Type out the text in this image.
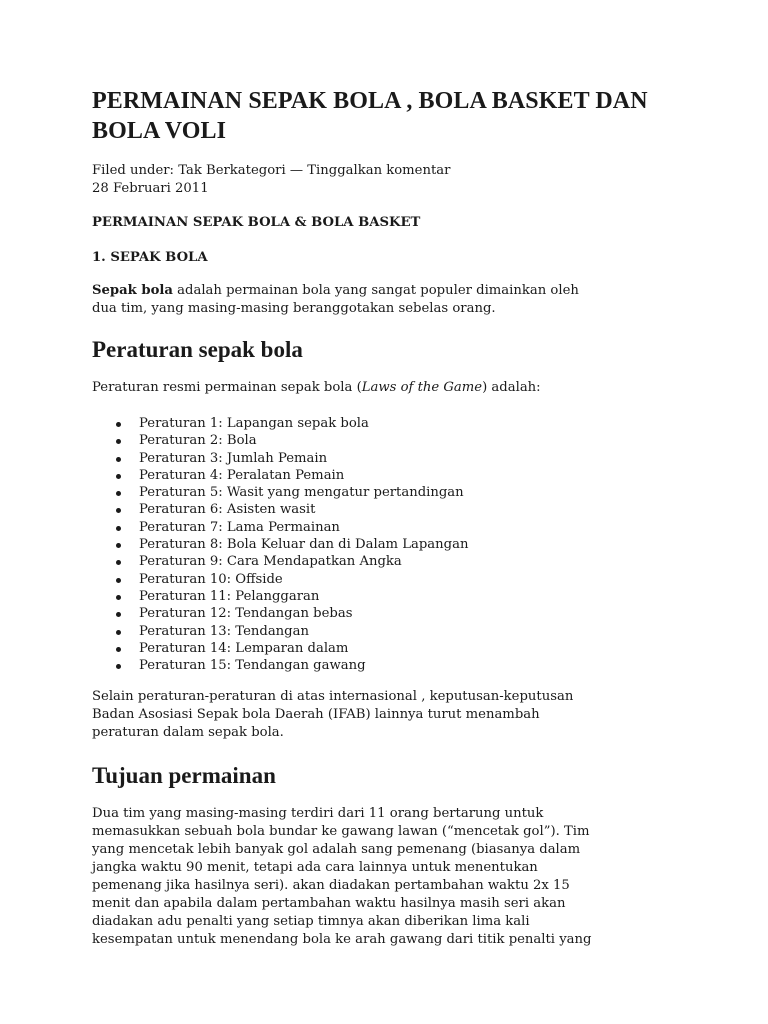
PERMAINAN SEPAK BOLA , BOLA BASKET DAN
BOLA VOLI
Filed under: Tak Berkategori — Tinggalkan komentar
28 Februari 2011
PERMAINAN SEPAK BOLA & BOLA BASKET
1. SEPAK BOLA
Sepak bola adalah permainan bola yang sangat populer dimainkan oleh
dua tim, yang masing-masing beranggotakan sebelas orang.
Peraturan sepak bola
Peraturan resmi permainan sepak bola (Laws of the Game) adalah:
Peraturan 1: Lapangan sepak bola
Peraturan 2: Bola
Peraturan 3: Jumlah Pemain
Peraturan 4: Peralatan Pemain
Peraturan 5: Wasit yang mengatur pertandingan
Peraturan 6: Asisten wasit
Peraturan 7: Lama Permainan
Peraturan 8: Bola Keluar dan di Dalam Lapangan
Peraturan 9: Cara Mendapatkan Angka
Peraturan 10: Offside
Peraturan 11: Pelanggaran
Peraturan 12: Tendangan bebas
Peraturan 13: Tendangan
Peraturan 14: Lemparan dalam
Peraturan 15: Tendangan gawang
Selain peraturan-peraturan di atas internasional , keputusan-keputusan
Badan Asosiasi Sepak bola Daerah (IFAB) lainnya turut menambah
peraturan dalam sepak bola.
Tujuan permainan
Dua tim yang masing-masing terdiri dari 11 orang bertarung untuk
memasukkan sebuah bola bundar ke gawang lawan (“mencetak gol”). Tim
yang mencetak lebih banyak gol adalah sang pemenang (biasanya dalam
jangka waktu 90 menit, tetapi ada cara lainnya untuk menentukan
pemenang jika hasilnya seri). akan diadakan pertambahan waktu 2x 15
menit dan apabila dalam pertambahan waktu hasilnya masih seri akan
diadakan adu penalti yang setiap timnya akan diberikan lima kali
kesempatan untuk menendang bola ke arah gawang dari titik penalti yang
